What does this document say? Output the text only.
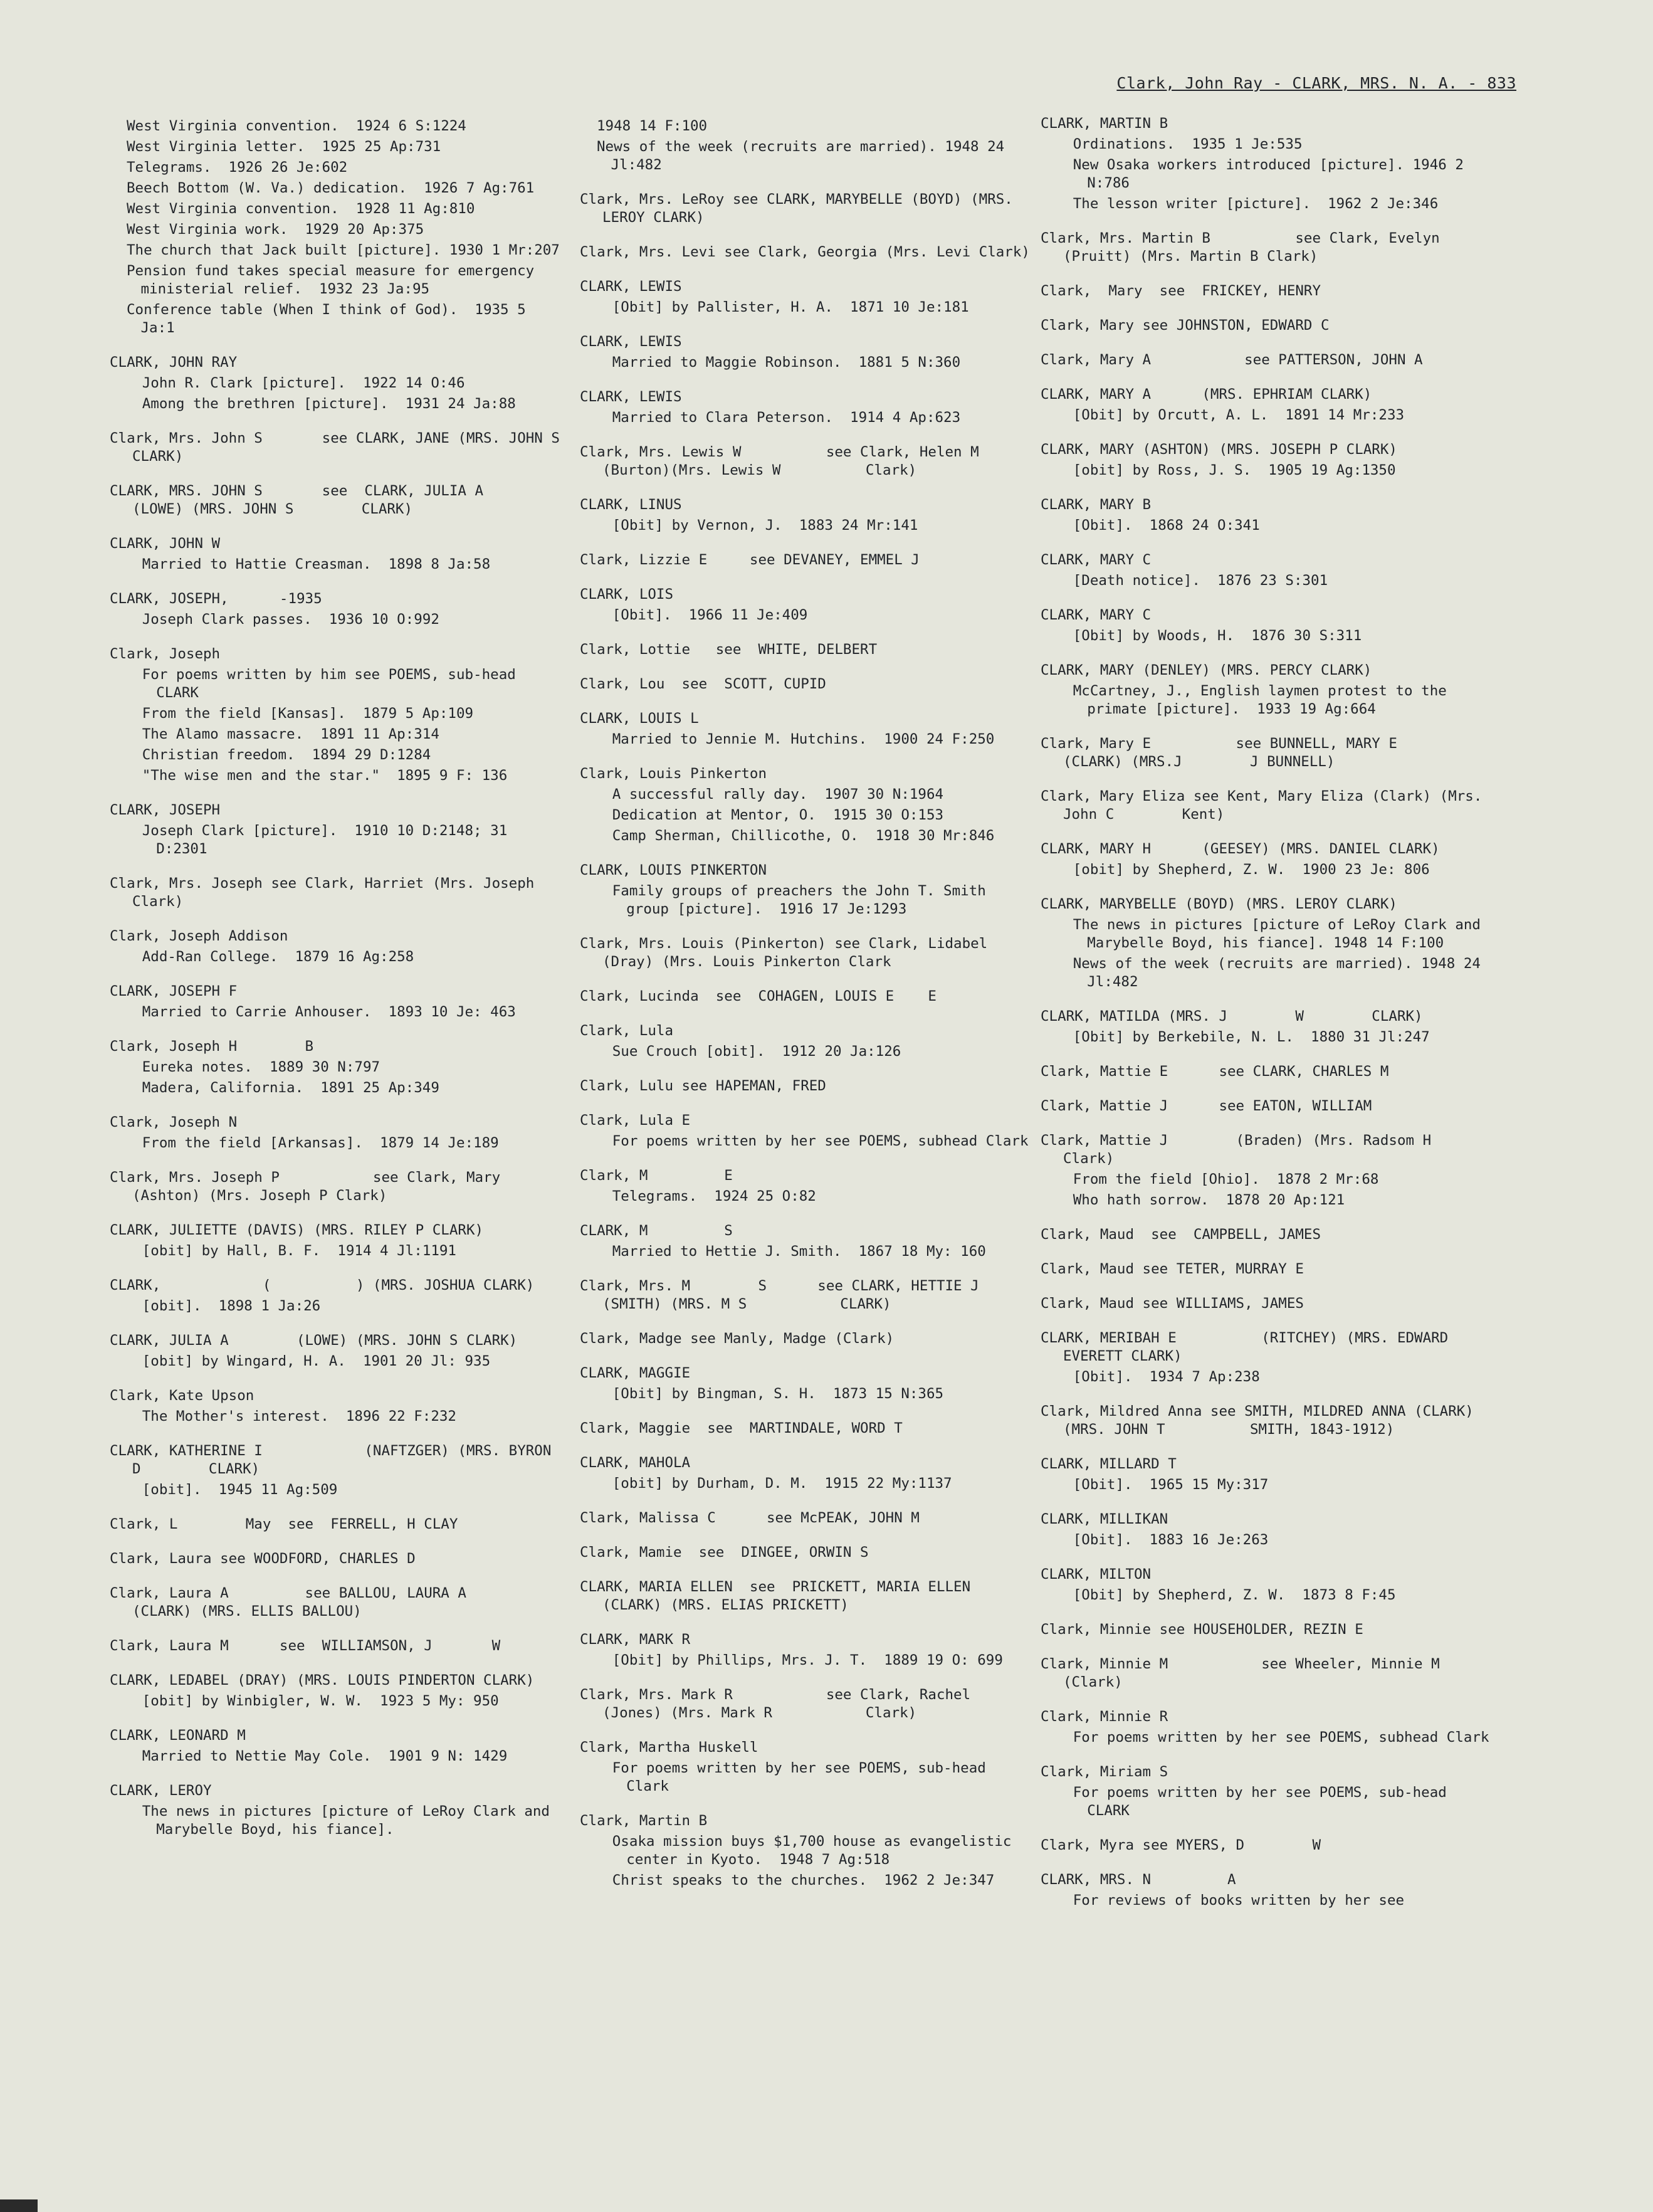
Clark, John Ray - CLARK, MRS. N. A. - 833
West Virginia convention.  1924 6 S:1224
West Virginia letter.  1925 25 Ap:731
Telegrams.  1926 26 Je:602
Beech Bottom (W. Va.) dedication.  1926 7 Ag:761
West Virginia convention.  1928 11 Ag:810
West Virginia work.  1929 20 Ap:375
The church that Jack built [picture]. 1930 1 Mr:207
Pension fund takes special measure for emergency ministerial relief.  1932 23 Ja:95
Conference table (When I think of God).  1935 5 Ja:1
CLARK, JOHN RAY
John R. Clark [picture].  1922 14 O:46
Among the brethren [picture].  1931 24 Ja:88
Clark, Mrs. John S       see CLARK, JANE (MRS. JOHN S        CLARK)
CLARK, MRS. JOHN S       see  CLARK, JULIA A      (LOWE) (MRS. JOHN S        CLARK)
CLARK, JOHN W
Married to Hattie Creasman.  1898 8 Ja:58
CLARK, JOSEPH,      -1935
Joseph Clark passes.  1936 10 O:992
Clark, Joseph
For poems written by him see POEMS, sub-head CLARK
From the field [Kansas].  1879 5 Ap:109
The Alamo massacre.  1891 11 Ap:314
Christian freedom.  1894 29 D:1284
"The wise men and the star."  1895 9 F: 136
CLARK, JOSEPH
Joseph Clark [picture].  1910 10 D:2148; 31 D:2301
Clark, Mrs. Joseph see Clark, Harriet (Mrs. Joseph Clark)
Clark, Joseph Addison
Add-Ran College.  1879 16 Ag:258
CLARK, JOSEPH F
Married to Carrie Anhouser.  1893 10 Je: 463
Clark, Joseph H        B
Eureka notes.  1889 30 N:797
Madera, California.  1891 25 Ap:349
Clark, Joseph N
From the field [Arkansas].  1879 14 Je:189
Clark, Mrs. Joseph P           see Clark, Mary (Ashton) (Mrs. Joseph P Clark)
CLARK, JULIETTE (DAVIS) (MRS. RILEY P CLARK)
[obit] by Hall, B. F.  1914 4 Jl:1191
CLARK,            (          ) (MRS. JOSHUA CLARK)
[obit].  1898 1 Ja:26
CLARK, JULIA A        (LOWE) (MRS. JOHN S CLARK)
[obit] by Wingard, H. A.  1901 20 Jl: 935
Clark, Kate Upson
The Mother's interest.  1896 22 F:232
CLARK, KATHERINE I            (NAFTZGER) (MRS. BYRON D        CLARK)
[obit].  1945 11 Ag:509
Clark, L        May  see  FERRELL, H CLAY
Clark, Laura see WOODFORD, CHARLES D
Clark, Laura A         see BALLOU, LAURA A      (CLARK) (MRS. ELLIS BALLOU)
Clark, Laura M      see  WILLIAMSON, J       W
CLARK, LEDABEL (DRAY) (MRS. LOUIS PINDERTON CLARK)
[obit] by Winbigler, W. W.  1923 5 My: 950
CLARK, LEONARD M
Married to Nettie May Cole.  1901 9 N: 1429
CLARK, LEROY
The news in pictures [picture of LeRoy Clark and Marybelle Boyd, his fiance].
1948 14 F:100
News of the week (recruits are married). 1948 24 Jl:482
Clark, Mrs. LeRoy see CLARK, MARYBELLE (BOYD) (MRS. LEROY CLARK)
Clark, Mrs. Levi see Clark, Georgia (Mrs. Levi Clark)
CLARK, LEWIS
[Obit] by Pallister, H. A.  1871 10 Je:181
CLARK, LEWIS
Married to Maggie Robinson.  1881 5 N:360
CLARK, LEWIS
Married to Clara Peterson.  1914 4 Ap:623
Clark, Mrs. Lewis W          see Clark, Helen M          (Burton)(Mrs. Lewis W          Clark)
CLARK, LINUS
[Obit] by Vernon, J.  1883 24 Mr:141
Clark, Lizzie E     see DEVANEY, EMMEL J
CLARK, LOIS
[Obit].  1966 11 Je:409
Clark, Lottie   see  WHITE, DELBERT
Clark, Lou  see  SCOTT, CUPID
CLARK, LOUIS L
Married to Jennie M. Hutchins.  1900 24 F:250
Clark, Louis Pinkerton
A successful rally day.  1907 30 N:1964
Dedication at Mentor, O.  1915 30 O:153
Camp Sherman, Chillicothe, O.  1918 30 Mr:846
CLARK, LOUIS PINKERTON
Family groups of preachers the John T. Smith group [picture].  1916 17 Je:1293
Clark, Mrs. Louis (Pinkerton) see Clark, Lidabel (Dray) (Mrs. Louis Pinkerton Clark
Clark, Lucinda  see  COHAGEN, LOUIS E    E
Clark, Lula
Sue Crouch [obit].  1912 20 Ja:126
Clark, Lulu see HAPEMAN, FRED
Clark, Lula E
For poems written by her see POEMS, subhead Clark
Clark, M         E
Telegrams.  1924 25 O:82
CLARK, M         S
Married to Hettie J. Smith.  1867 18 My: 160
Clark, Mrs. M        S      see CLARK, HETTIE J        (SMITH) (MRS. M S           CLARK)
Clark, Madge see Manly, Madge (Clark)
CLARK, MAGGIE
[Obit] by Bingman, S. H.  1873 15 N:365
Clark, Maggie  see  MARTINDALE, WORD T
CLARK, MAHOLA
[obit] by Durham, D. M.  1915 22 My:1137
Clark, Malissa C      see McPEAK, JOHN M
Clark, Mamie  see  DINGEE, ORWIN S
CLARK, MARIA ELLEN  see  PRICKETT, MARIA ELLEN (CLARK) (MRS. ELIAS PRICKETT)
CLARK, MARK R
[Obit] by Phillips, Mrs. J. T.  1889 19 O: 699
Clark, Mrs. Mark R           see Clark, Rachel (Jones) (Mrs. Mark R           Clark)
Clark, Martha Huskell
For poems written by her see POEMS, sub-head Clark
Clark, Martin B
Osaka mission buys $1,700 house as evangelistic center in Kyoto.  1948 7 Ag:518
Christ speaks to the churches.  1962 2 Je:347
CLARK, MARTIN B
Ordinations.  1935 1 Je:535
New Osaka workers introduced [picture]. 1946 2 N:786
The lesson writer [picture].  1962 2 Je:346
Clark, Mrs. Martin B          see Clark, Evelyn (Pruitt) (Mrs. Martin B Clark)
Clark,  Mary  see  FRICKEY, HENRY
Clark, Mary see JOHNSTON, EDWARD C
Clark, Mary A           see PATTERSON, JOHN A
CLARK, MARY A      (MRS. EPHRIAM CLARK)
[Obit] by Orcutt, A. L.  1891 14 Mr:233
CLARK, MARY (ASHTON) (MRS. JOSEPH P CLARK)
[obit] by Ross, J. S.  1905 19 Ag:1350
CLARK, MARY B
[Obit].  1868 24 O:341
CLARK, MARY C
[Death notice].  1876 23 S:301
CLARK, MARY C
[Obit] by Woods, H.  1876 30 S:311
CLARK, MARY (DENLEY) (MRS. PERCY CLARK)
McCartney, J., English laymen protest to the primate [picture].  1933 19 Ag:664
Clark, Mary E          see BUNNELL, MARY E        (CLARK) (MRS.J        J BUNNELL)
Clark, Mary Eliza see Kent, Mary Eliza (Clark) (Mrs. John C        Kent)
CLARK, MARY H      (GEESEY) (MRS. DANIEL CLARK)
[obit] by Shepherd, Z. W.  1900 23 Je: 806
CLARK, MARYBELLE (BOYD) (MRS. LEROY CLARK)
The news in pictures [picture of LeRoy Clark and Marybelle Boyd, his fiance]. 1948 14 F:100
News of the week (recruits are married). 1948 24 Jl:482
CLARK, MATILDA (MRS. J        W        CLARK)
[Obit] by Berkebile, N. L.  1880 31 Jl:247
Clark, Mattie E      see CLARK, CHARLES M
Clark, Mattie J      see EATON, WILLIAM
Clark, Mattie J        (Braden) (Mrs. Radsom H        Clark)
From the field [Ohio].  1878 2 Mr:68
Who hath sorrow.  1878 20 Ap:121
Clark, Maud  see  CAMPBELL, JAMES
Clark, Maud see TETER, MURRAY E
Clark, Maud see WILLIAMS, JAMES
CLARK, MERIBAH E          (RITCHEY) (MRS. EDWARD EVERETT CLARK)
[Obit].  1934 7 Ap:238
Clark, Mildred Anna see SMITH, MILDRED ANNA (CLARK) (MRS. JOHN T          SMITH, 1843-1912)
CLARK, MILLARD T
[Obit].  1965 15 My:317
CLARK, MILLIKAN
[Obit].  1883 16 Je:263
CLARK, MILTON
[Obit] by Shepherd, Z. W.  1873 8 F:45
Clark, Minnie see HOUSEHOLDER, REZIN E
Clark, Minnie M           see Wheeler, Minnie M          (Clark)
Clark, Minnie R
For poems written by her see POEMS, subhead Clark
Clark, Miriam S
For poems written by her see POEMS, sub-head CLARK
Clark, Myra see MYERS, D        W
CLARK, MRS. N         A
For reviews of books written by her see
